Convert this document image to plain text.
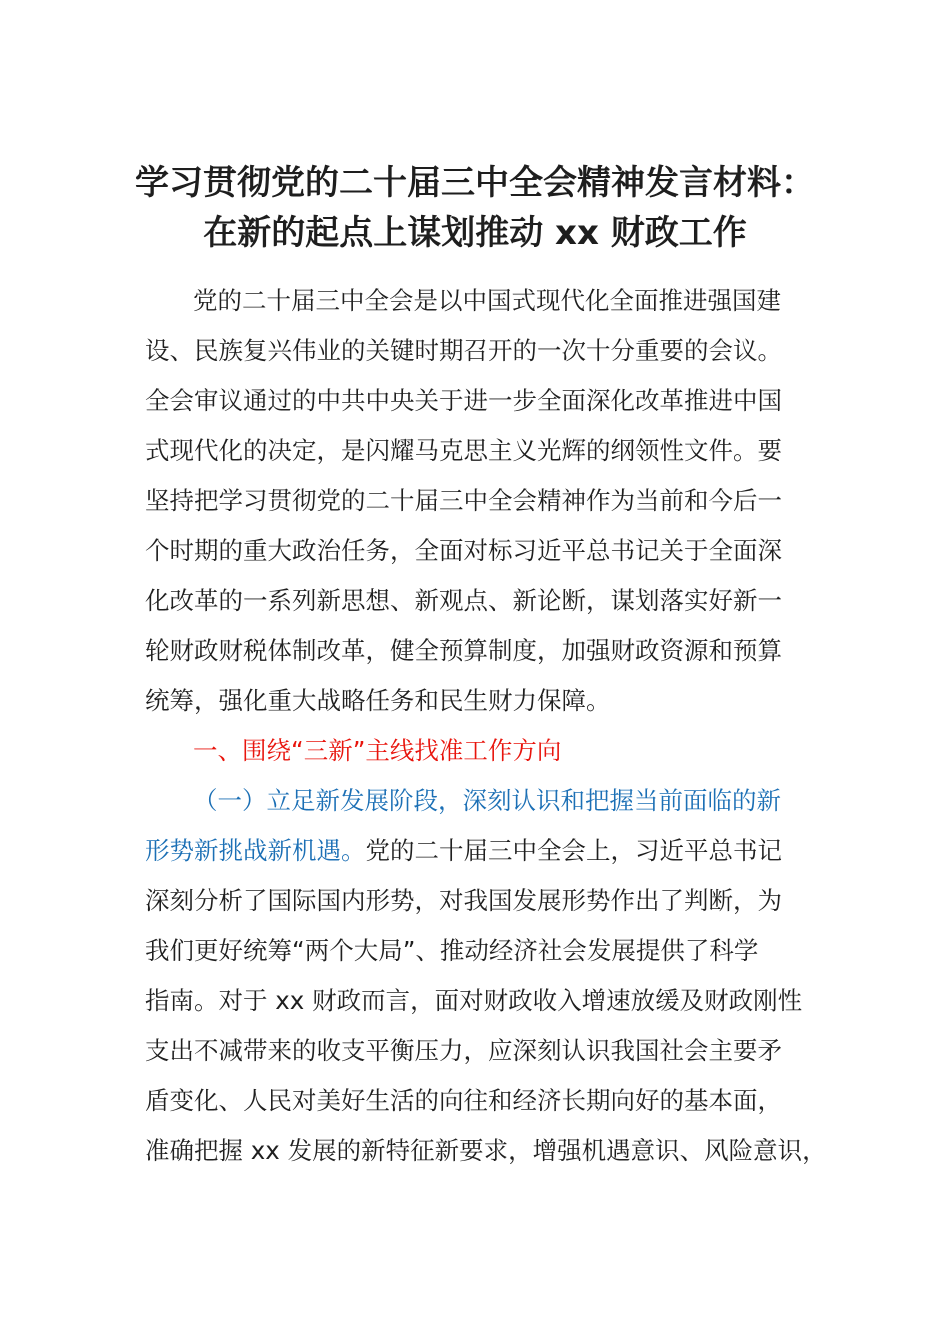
学习贯彻党的二十届三中全会精神发言材料：
在新的起点上谋划推动 xx 财政工作
党的二十届三中全会是以中国式现代化全面推进强国建
设、民族复兴伟业的关键时期召开的一次十分重要的会议。
全会审议通过的中共中央关于进一步全面深化改革推进中国
式现代化的决定，是闪耀马克思主义光辉的纲领性文件。要
坚持把学习贯彻党的二十届三中全会精神作为当前和今后一
个时期的重大政治任务，全面对标习近平总书记关于全面深
化改革的一系列新思想、新观点、新论断，谋划落实好新一
轮财政财税体制改革，健全预算制度，加强财政资源和预算
统筹，强化重大战略任务和民生财力保障。
一、围绕“三新”主线找准工作方向
（一）立足新发展阶段，深刻认识和把握当前面临的新
形势新挑战新机遇。党的二十届三中全会上，习近平总书记
深刻分析了国际国内形势，对我国发展形势作出了判断，为
我们更好统筹“两个大局”、推动经济社会发展提供了科学
指南。对于 xx 财政而言，面对财政收入增速放缓及财政刚性
支出不减带来的收支平衡压力，应深刻认识我国社会主要矛
盾变化、人民对美好生活的向往和经济长期向好的基本面，
准确把握 xx 发展的新特征新要求，增强机遇意识、风险意识，
